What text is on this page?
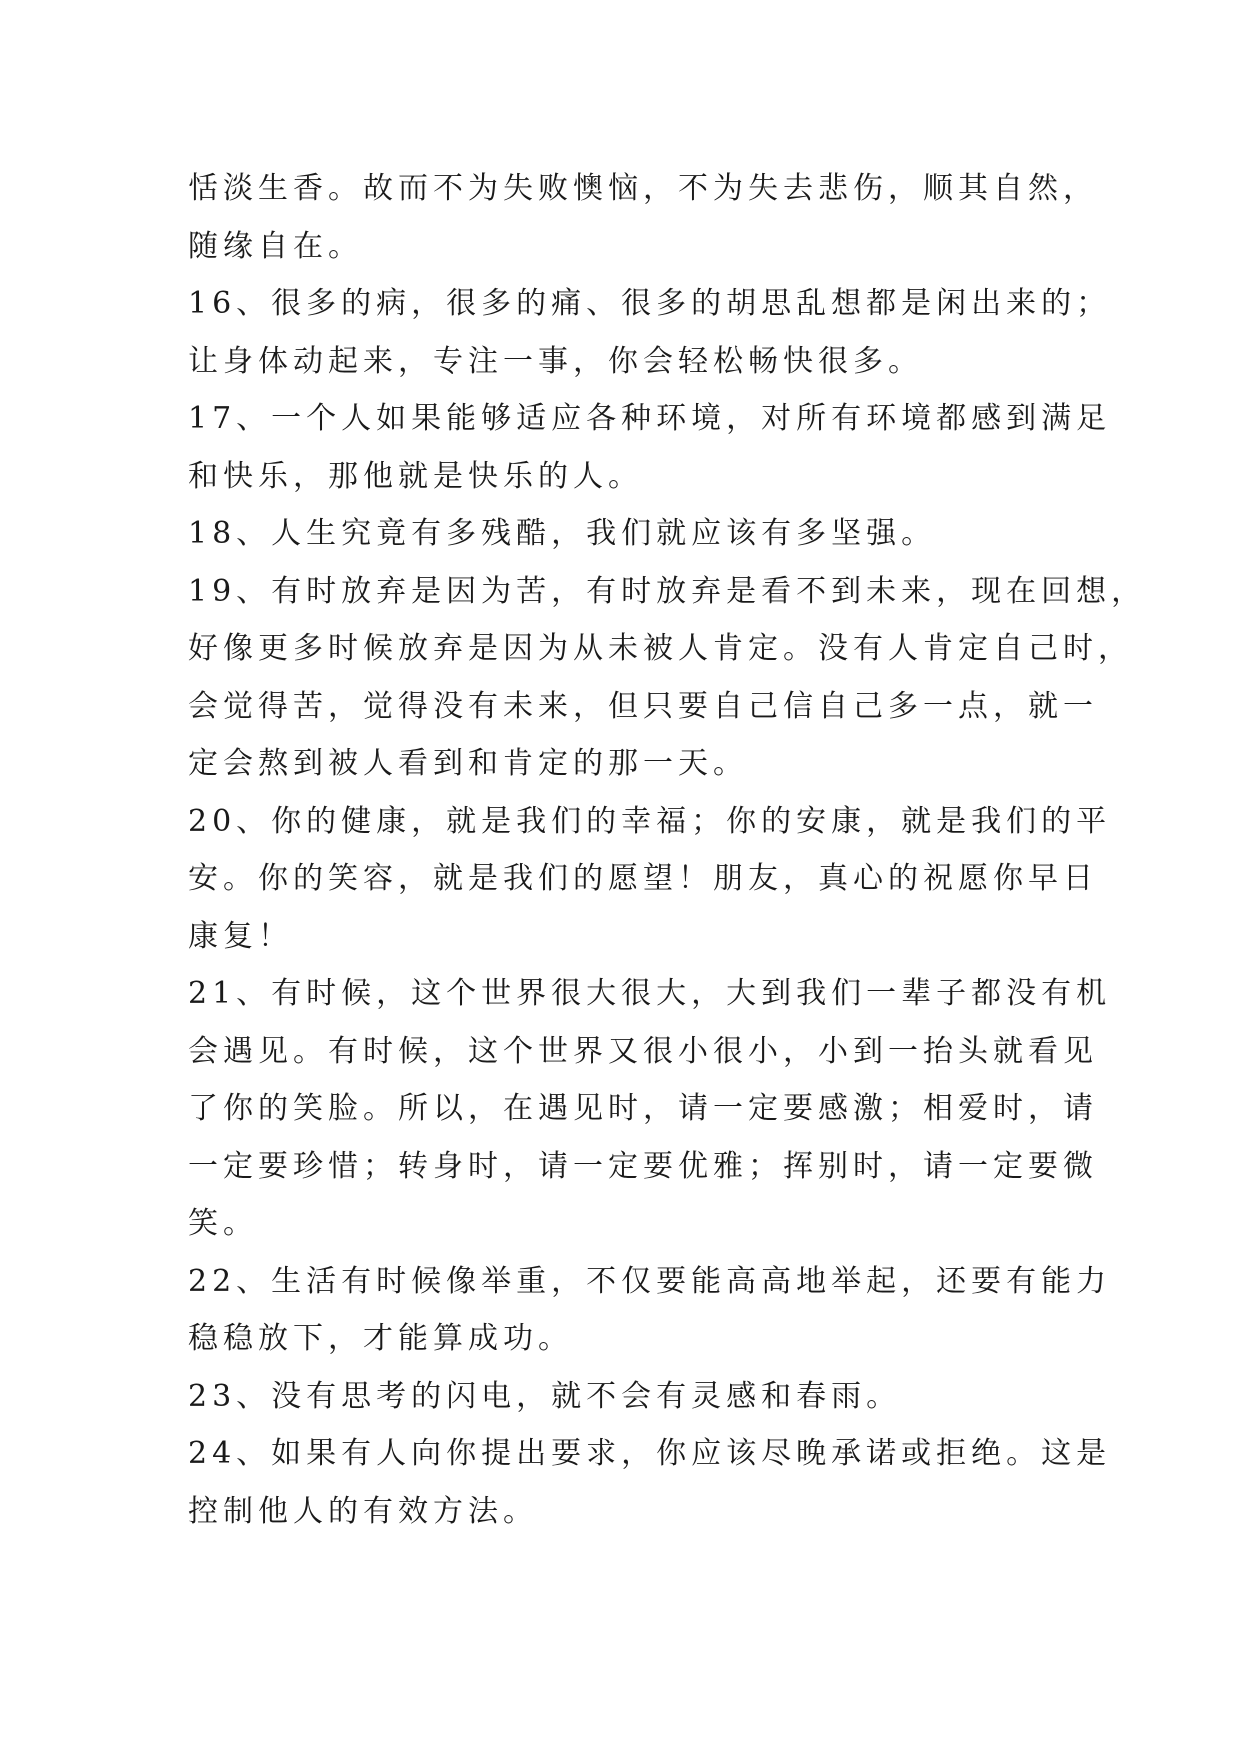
恬淡生香。故而不为失败懊恼，不为失去悲伤，顺其自然，
随缘自在。
16、很多的病，很多的痛、很多的胡思乱想都是闲出来的；
让身体动起来，专注一事，你会轻松畅快很多。
17、一个人如果能够适应各种环境，对所有环境都感到满足
和快乐，那他就是快乐的人。
18、人生究竟有多残酷，我们就应该有多坚强。
19、有时放弃是因为苦，有时放弃是看不到未来，现在回想，
好像更多时候放弃是因为从未被人肯定。没有人肯定自己时，
会觉得苦，觉得没有未来，但只要自己信自己多一点，就一
定会熬到被人看到和肯定的那一天。
20、你的健康，就是我们的幸福；你的安康，就是我们的平
安。你的笑容，就是我们的愿望！朋友，真心的祝愿你早日
康复！
21、有时候，这个世界很大很大，大到我们一辈子都没有机
会遇见。有时候，这个世界又很小很小，小到一抬头就看见
了你的笑脸。所以，在遇见时，请一定要感激；相爱时，请
一定要珍惜；转身时，请一定要优雅；挥别时，请一定要微
笑。
22、生活有时候像举重，不仅要能高高地举起，还要有能力
稳稳放下，才能算成功。
23、没有思考的闪电，就不会有灵感和春雨。
24、如果有人向你提出要求，你应该尽晚承诺或拒绝。这是
控制他人的有效方法。
